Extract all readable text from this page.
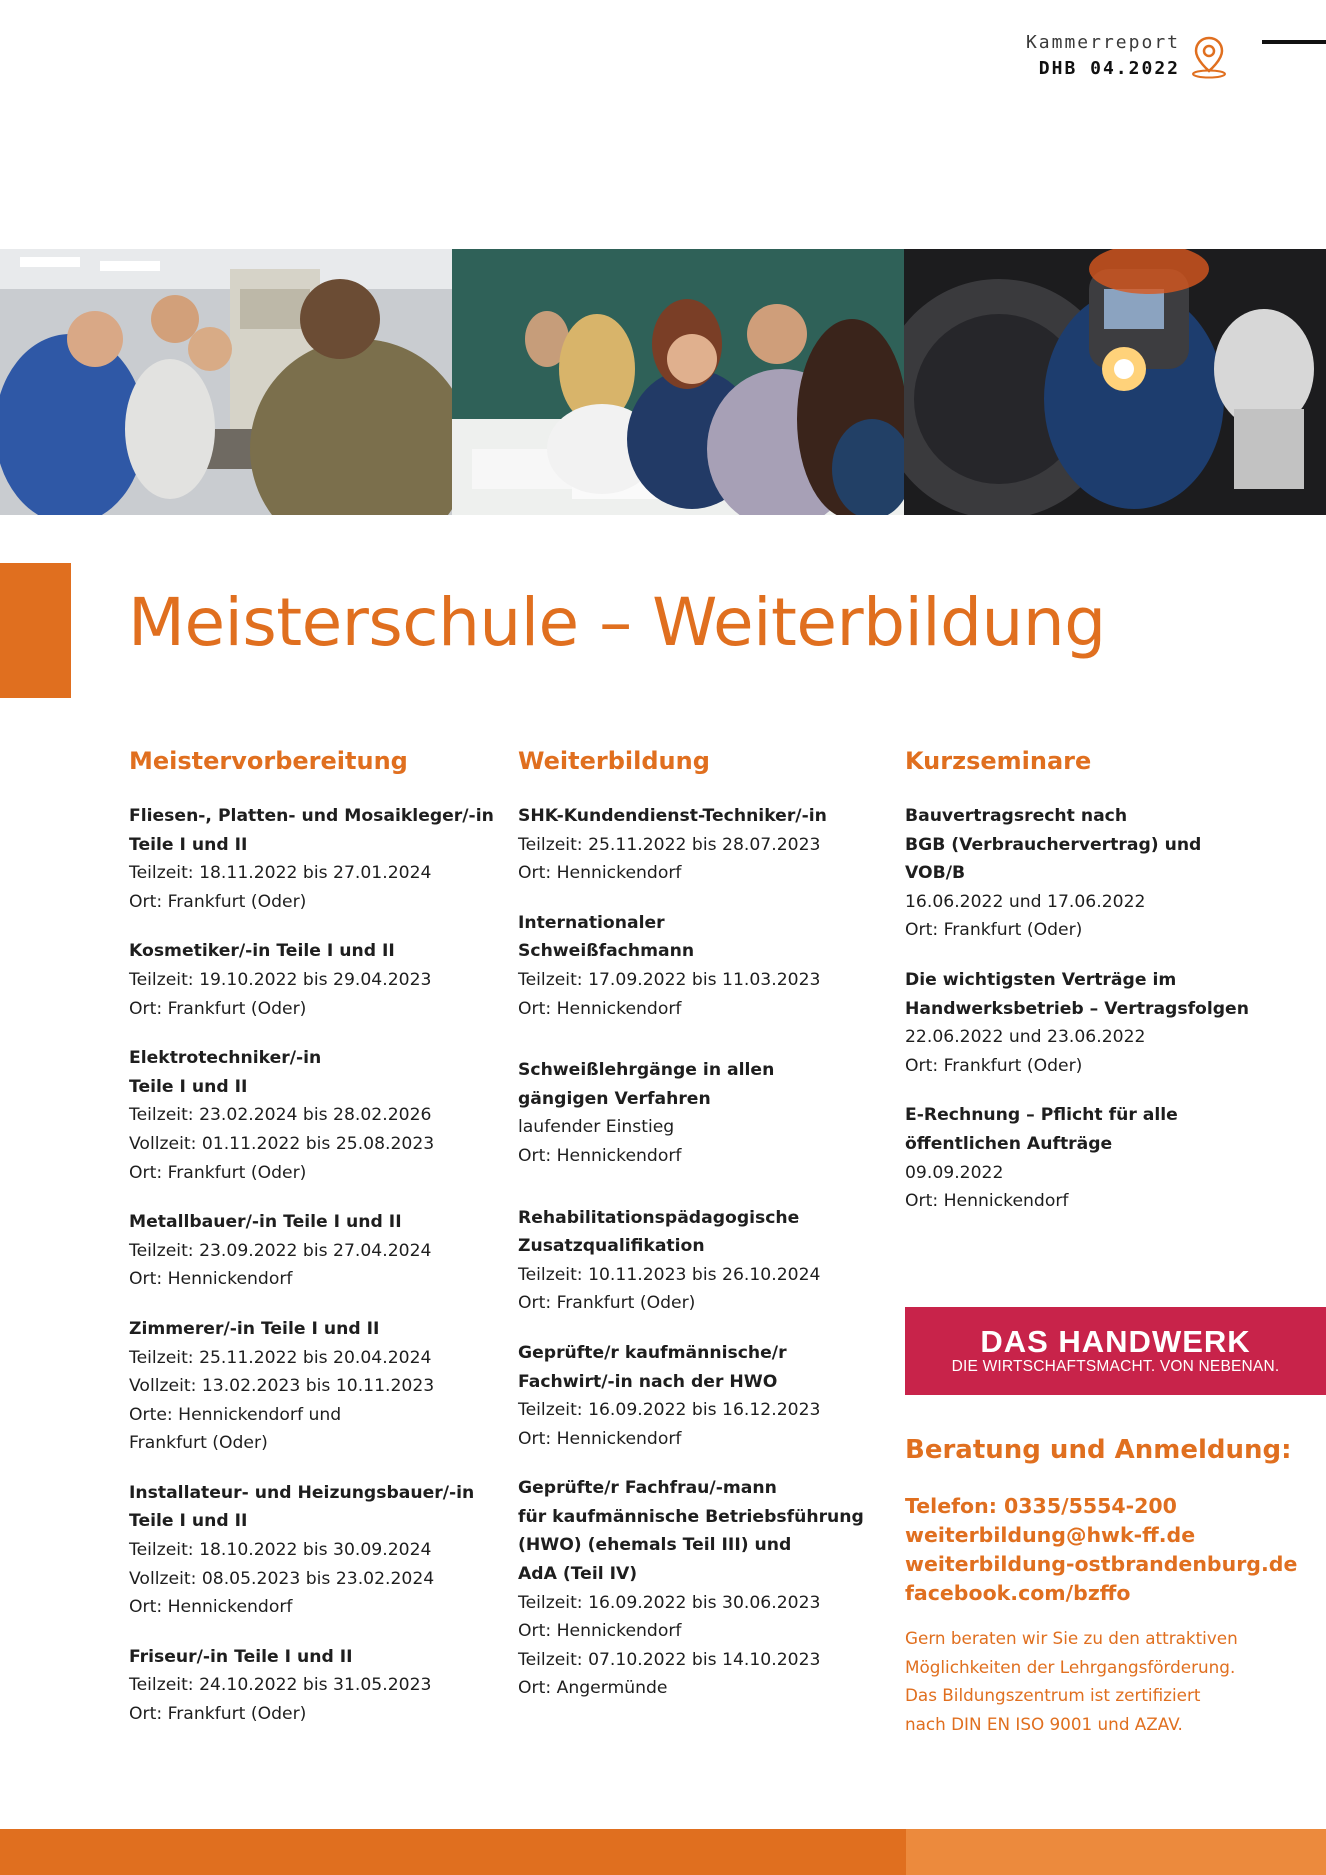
Kammerreport
DHB 04.2022
Meisterschule – Weiterbildung
Meistervorbereitung
Fliesen-, Platten- und Mosaikleger/-in
Teile I und II
Teilzeit: 18.11.2022 bis 27.01.2024
Ort: Frankfurt (Oder)
Kosmetiker/-in Teile I und II
Teilzeit: 19.10.2022 bis 29.04.2023
Ort: Frankfurt (Oder)
Elektrotechniker/-in
Teile I und II
Teilzeit: 23.02.2024 bis 28.02.2026
Vollzeit: 01.11.2022 bis 25.08.2023
Ort: Frankfurt (Oder)
Metallbauer/-in Teile I und II
Teilzeit: 23.09.2022 bis 27.04.2024
Ort: Hennickendorf
Zimmerer/-in Teile I und II
Teilzeit: 25.11.2022 bis 20.04.2024
Vollzeit: 13.02.2023 bis 10.11.2023
Orte: Hennickendorf und
Frankfurt (Oder)
Installateur- und Heizungsbauer/-in
Teile I und II
Teilzeit: 18.10.2022 bis 30.09.2024
Vollzeit: 08.05.2023 bis 23.02.2024
Ort: Hennickendorf
Friseur/-in Teile I und II
Teilzeit: 24.10.2022 bis 31.05.2023
Ort: Frankfurt (Oder)
Weiterbildung
SHK-Kundendienst-Techniker/-in
Teilzeit: 25.11.2022 bis 28.07.2023
Ort: Hennickendorf
Internationaler
Schweißfachmann
Teilzeit: 17.09.2022 bis 11.03.2023
Ort: Hennickendorf
Schweißlehrgänge in allen
gängigen Verfahren
laufender Einstieg
Ort: Hennickendorf
Rehabilitationspädagogische
Zusatzqualifikation
Teilzeit: 10.11.2023 bis 26.10.2024
Ort: Frankfurt (Oder)
Geprüfte/r kaufmännische/r
Fachwirt/-in nach der HWO
Teilzeit: 16.09.2022 bis 16.12.2023
Ort: Hennickendorf
Geprüfte/r Fachfrau/-mann
für kaufmännische Betriebsführung
(HWO) (ehemals Teil III) und
AdA (Teil IV)
Teilzeit: 16.09.2022 bis 30.06.2023
Ort: Hennickendorf
Teilzeit: 07.10.2022 bis 14.10.2023
Ort: Angermünde
Kurzseminare
Bauvertragsrecht nach
BGB (Verbrauchervertrag) und
VOB/B
16.06.2022 und 17.06.2022
Ort: Frankfurt (Oder)
Die wichtigsten Verträge im
Handwerksbetrieb – Vertragsfolgen
22.06.2022 und 23.06.2022
Ort: Frankfurt (Oder)
E-Rechnung – Pflicht für alle
öffentlichen Aufträge
09.09.2022
Ort: Hennickendorf
DAS HANDWERK
DIE WIRTSCHAFTSMACHT. VON NEBENAN.
Beratung und Anmeldung:
Telefon: 0335/5554-200
weiterbildung@hwk-ff.de
weiterbildung-ostbrandenburg.de
facebook.com/bzffo
Gern beraten wir Sie zu den attraktiven
Möglichkeiten der Lehrgangsförderung.
Das Bildungszentrum ist zertifiziert
nach DIN EN ISO 9001 und AZAV.
